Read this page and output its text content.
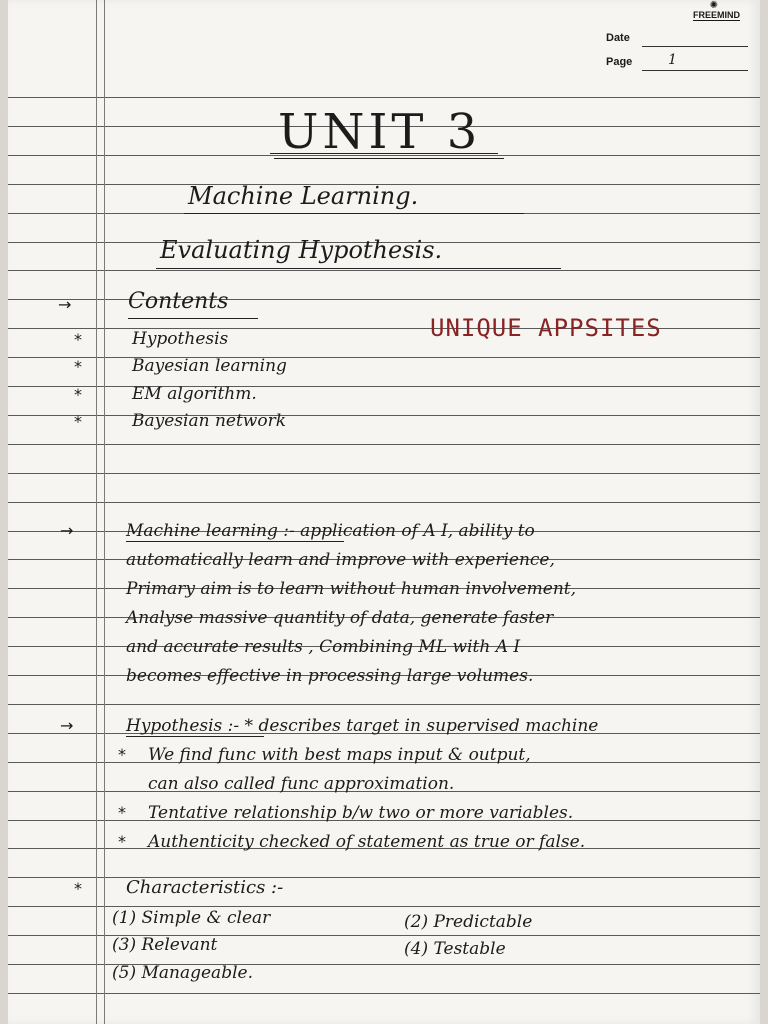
✺
FREEMIND
Date
Page	1
UNIT 3
Machine Learning.
Evaluating Hypothesis.
→	Contents
*	Hypothesis
*	Bayesian learning
*	EM algorithm.
*	Bayesian network
UNIQUE APPSITES
→	Machine learning :- application of A I, ability to
automatically learn and improve with experience,
Primary aim is to learn without human involvement,
Analyse massive quantity of data, generate faster
and accurate results , Combining ML with A I
becomes effective in processing large volumes.
→	Hypothesis :- * describes target in supervised machine
* We find func with best maps input & output,
can also called func approximation.
* Tentative relationship b/w two or more variables.
* Authenticity checked of statement as true or false.
* Characteristics :-
(1) Simple & clear	(2) Predictable
(3) Relevant	(4) Testable
(5) Manageable.
